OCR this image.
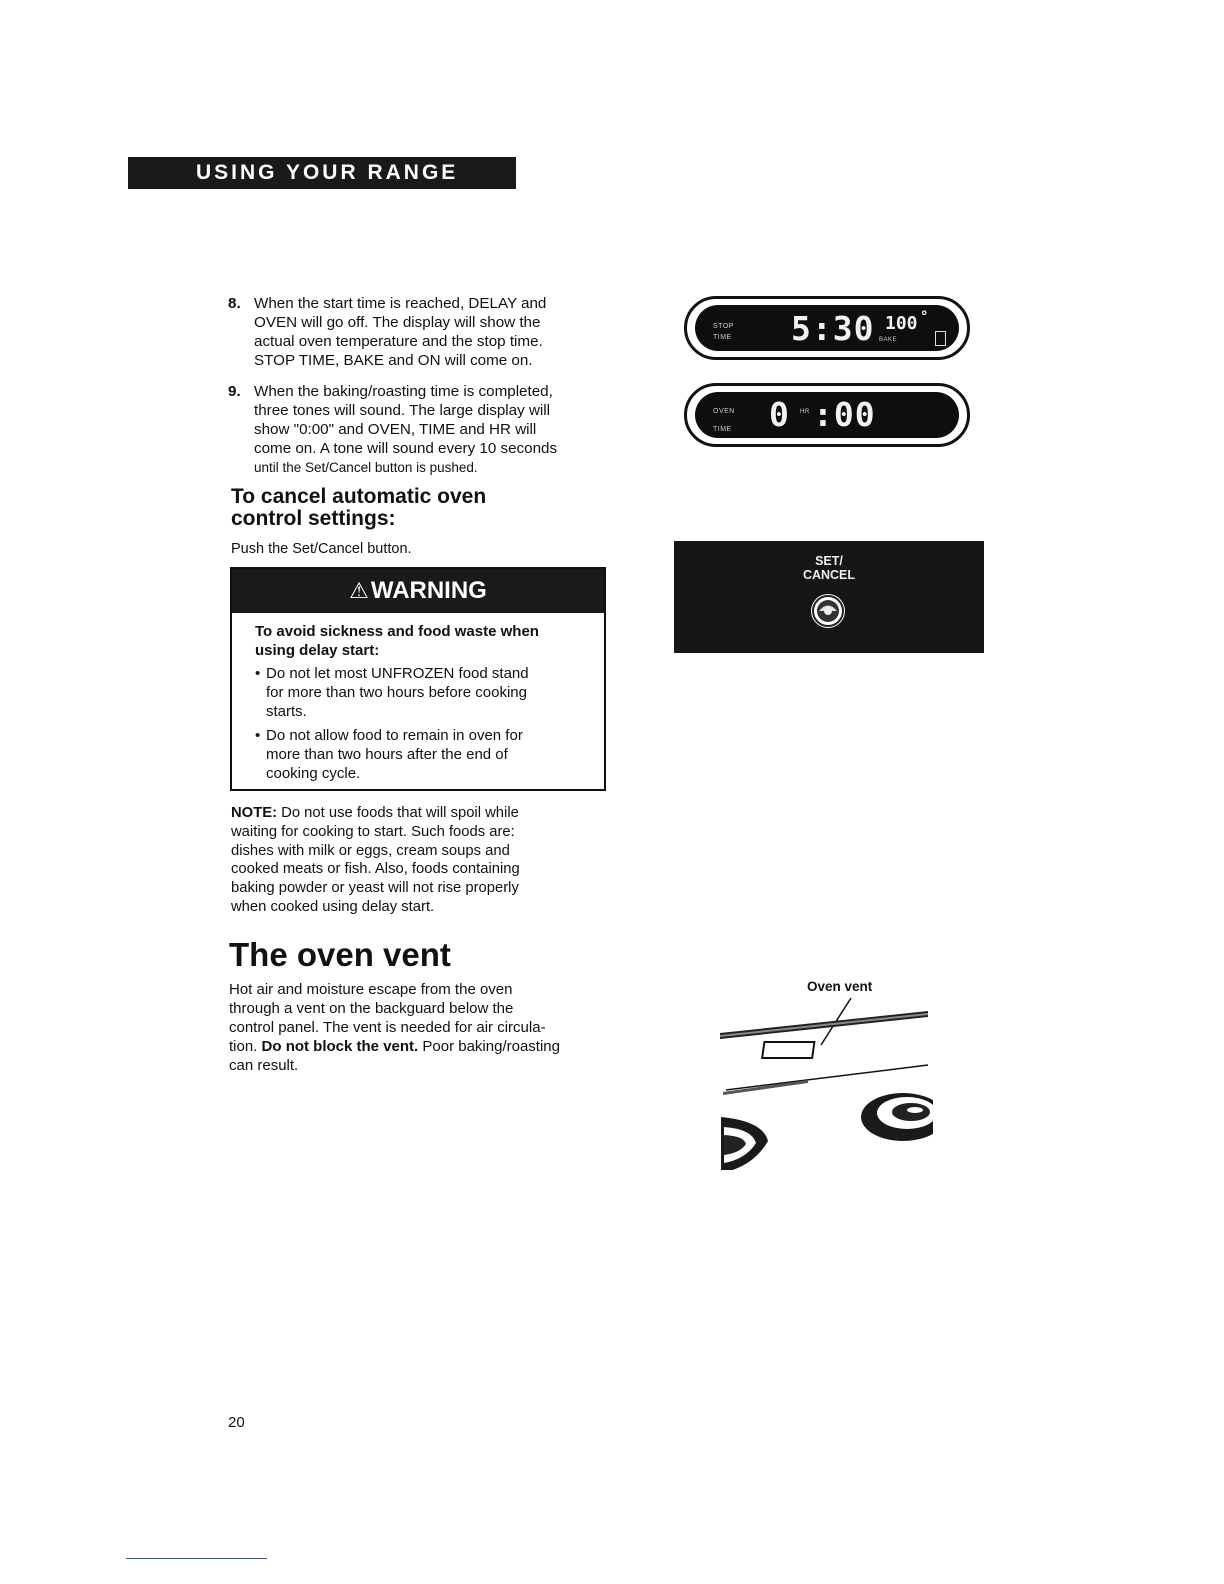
USING YOUR RANGE
8. When the start time is reached, DELAY and
OVEN will go off. The display will show the
actual oven temperature and the stop time.
STOP TIME, BAKE and ON will come on.
9. When the baking/roasting time is completed,
three tones will sound. The large display will
show "0:00" and OVEN, TIME and HR will
come on. A tone will sound every 10 seconds
until the Set/Cancel button is pushed.
To cancel automatic oven
control settings:
Push the Set/Cancel button.
⚠WARNING
To avoid sickness and food waste when
using delay start:
• Do not let most UNFROZEN food stand
for more than two hours before cooking
starts.
• Do not allow food to remain in oven for
more than two hours after the end of
cooking cycle.
NOTE: Do not use foods that will spoil while
waiting for cooking to start. Such foods are:
dishes with milk or eggs, cream soups and
cooked meats or fish. Also, foods containing
baking powder or yeast will not rise properly
when cooked using delay start.
The oven vent
Hot air and moisture escape from the oven
through a vent on the backguard below the
control panel. The vent is needed for air circula-
tion. Do not block the vent. Poor baking/roasting
can result.
STOP
TIME 5:30 100 °
BAKE
OVEN
TIME 0 HR :00
SET/
CANCEL
Oven vent
20
